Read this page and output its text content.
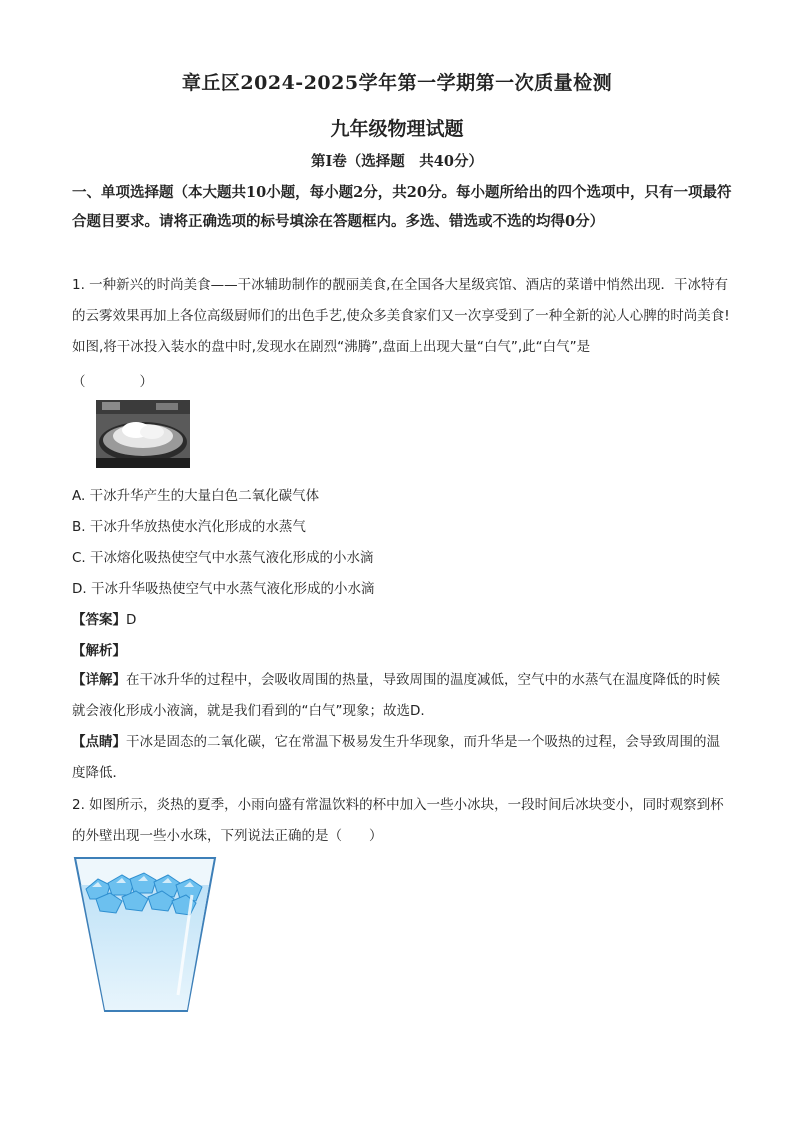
章丘区2024-2025学年第一学期第一次质量检测
九年级物理试题
第Ⅰ卷（选择题　共40分）
一、单项选择题（本大题共10小题，每小题2分，共20分。每小题所给出的四个选项中，只有一项最符合题目要求。请将正确选项的标号填涂在答题框内。多选、错选或不选的均得0分）
1. 一种新兴的时尚美食——干冰辅助制作的靓丽美食,在全国各大星级宾馆、酒店的菜谱中悄然出现．干冰特有的云雾效果再加上各位高级厨师们的出色手艺,使众多美食家们又一次享受到了一种全新的沁人心脾的时尚美食!如图,将干冰投入装水的盘中时,发现水在剧烈“沸腾”,盘面上出现大量“白气”,此“白气”是
（　　　　）
A. 干冰升华产生的大量白色二氧化碳气体
B. 干冰升华放热使水汽化形成的水蒸气
C. 干冰熔化吸热使空气中水蒸气液化形成的小水滴
D. 干冰升华吸热使空气中水蒸气液化形成的小水滴
【答案】D
【解析】
【详解】在干冰升华的过程中，会吸收周围的热量，导致周围的温度减低，空气中的水蒸气在温度降低的时候就会液化形成小液滴，就是我们看到的“白气”现象；故选D.
【点睛】干冰是固态的二氧化碳，它在常温下极易发生升华现象，而升华是一个吸热的过程，会导致周围的温度降低．
2. 如图所示，炎热的夏季，小雨向盛有常温饮料的杯中加入一些小冰块，一段时间后冰块变小，同时观察到杯的外壁出现一些小水珠，下列说法正确的是（　　）
